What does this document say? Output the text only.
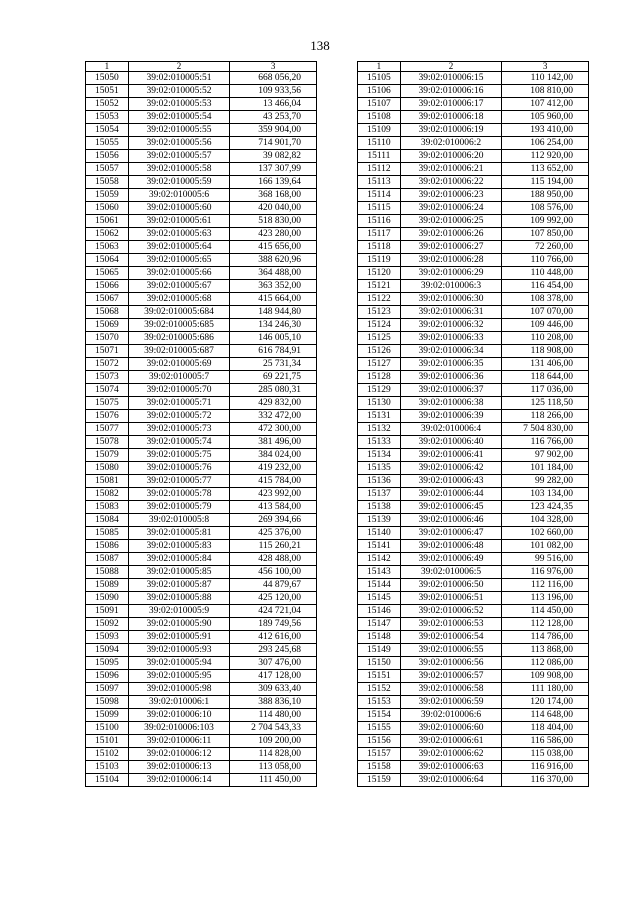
138
1	2	3
15050	39:02:010005:51	668 056,20
15051	39:02:010005:52	109 933,56
15052	39:02:010005:53	13 466,04
15053	39:02:010005:54	43 253,70
15054	39:02:010005:55	359 904,00
15055	39:02:010005:56	714 901,70
15056	39:02:010005:57	39 082,82
15057	39:02:010005:58	137 307,99
15058	39:02:010005:59	166 139,64
15059	39:02:010005:6	368 168,00
15060	39:02:010005:60	420 040,00
15061	39:02:010005:61	518 830,00
15062	39:02:010005:63	423 280,00
15063	39:02:010005:64	415 656,00
15064	39:02:010005:65	388 620,96
15065	39:02:010005:66	364 488,00
15066	39:02:010005:67	363 352,00
15067	39:02:010005:68	415 664,00
15068	39:02:010005:684	148 944,80
15069	39:02:010005:685	134 246,30
15070	39:02:010005:686	146 005,10
15071	39:02:010005:687	616 784,91
15072	39:02:010005:69	25 731,34
15073	39:02:010005:7	69 221,75
15074	39:02:010005:70	285 080,31
15075	39:02:010005:71	429 832,00
15076	39:02:010005:72	332 472,00
15077	39:02:010005:73	472 300,00
15078	39:02:010005:74	381 496,00
15079	39:02:010005:75	384 024,00
15080	39:02:010005:76	419 232,00
15081	39:02:010005:77	415 784,00
15082	39:02:010005:78	423 992,00
15083	39:02:010005:79	413 584,00
15084	39:02:010005:8	269 394,66
15085	39:02:010005:81	425 376,00
15086	39:02:010005:83	115 260,21
15087	39:02:010005:84	428 488,00
15088	39:02:010005:85	456 100,00
15089	39:02:010005:87	44 879,67
15090	39:02:010005:88	425 120,00
15091	39:02:010005:9	424 721,04
15092	39:02:010005:90	189 749,56
15093	39:02:010005:91	412 616,00
15094	39:02:010005:93	293 245,68
15095	39:02:010005:94	307 476,00
15096	39:02:010005:95	417 128,00
15097	39:02:010005:98	309 633,40
15098	39:02:010006:1	388 836,10
15099	39:02:010006:10	114 480,00
15100	39:02:010006:103	2 704 543,33
15101	39:02:010006:11	109 200,00
15102	39:02:010006:12	114 828,00
15103	39:02:010006:13	113 058,00
15104	39:02:010006:14	111 450,00
1	2	3
15105	39:02:010006:15	110 142,00
15106	39:02:010006:16	108 810,00
15107	39:02:010006:17	107 412,00
15108	39:02:010006:18	105 960,00
15109	39:02:010006:19	193 410,00
15110	39:02:010006:2	106 254,00
15111	39:02:010006:20	112 920,00
15112	39:02:010006:21	113 652,00
15113	39:02:010006:22	115 194,00
15114	39:02:010006:23	188 950,00
15115	39:02:010006:24	108 576,00
15116	39:02:010006:25	109 992,00
15117	39:02:010006:26	107 850,00
15118	39:02:010006:27	72 260,00
15119	39:02:010006:28	110 766,00
15120	39:02:010006:29	110 448,00
15121	39:02:010006:3	116 454,00
15122	39:02:010006:30	108 378,00
15123	39:02:010006:31	107 070,00
15124	39:02:010006:32	109 446,00
15125	39:02:010006:33	110 208,00
15126	39:02:010006:34	118 908,00
15127	39:02:010006:35	131 406,00
15128	39:02:010006:36	118 644,00
15129	39:02:010006:37	117 036,00
15130	39:02:010006:38	125 118,50
15131	39:02:010006:39	118 266,00
15132	39:02:010006:4	7 504 830,00
15133	39:02:010006:40	116 766,00
15134	39:02:010006:41	97 902,00
15135	39:02:010006:42	101 184,00
15136	39:02:010006:43	99 282,00
15137	39:02:010006:44	103 134,00
15138	39:02:010006:45	123 424,35
15139	39:02:010006:46	104 328,00
15140	39:02:010006:47	102 660,00
15141	39:02:010006:48	101 082,00
15142	39:02:010006:49	99 516,00
15143	39:02:010006:5	116 976,00
15144	39:02:010006:50	112 116,00
15145	39:02:010006:51	113 196,00
15146	39:02:010006:52	114 450,00
15147	39:02:010006:53	112 128,00
15148	39:02:010006:54	114 786,00
15149	39:02:010006:55	113 868,00
15150	39:02:010006:56	112 086,00
15151	39:02:010006:57	109 908,00
15152	39:02:010006:58	111 180,00
15153	39:02:010006:59	120 174,00
15154	39:02:010006:6	114 648,00
15155	39:02:010006:60	118 404,00
15156	39:02:010006:61	116 586,00
15157	39:02:010006:62	115 038,00
15158	39:02:010006:63	116 916,00
15159	39:02:010006:64	116 370,00
